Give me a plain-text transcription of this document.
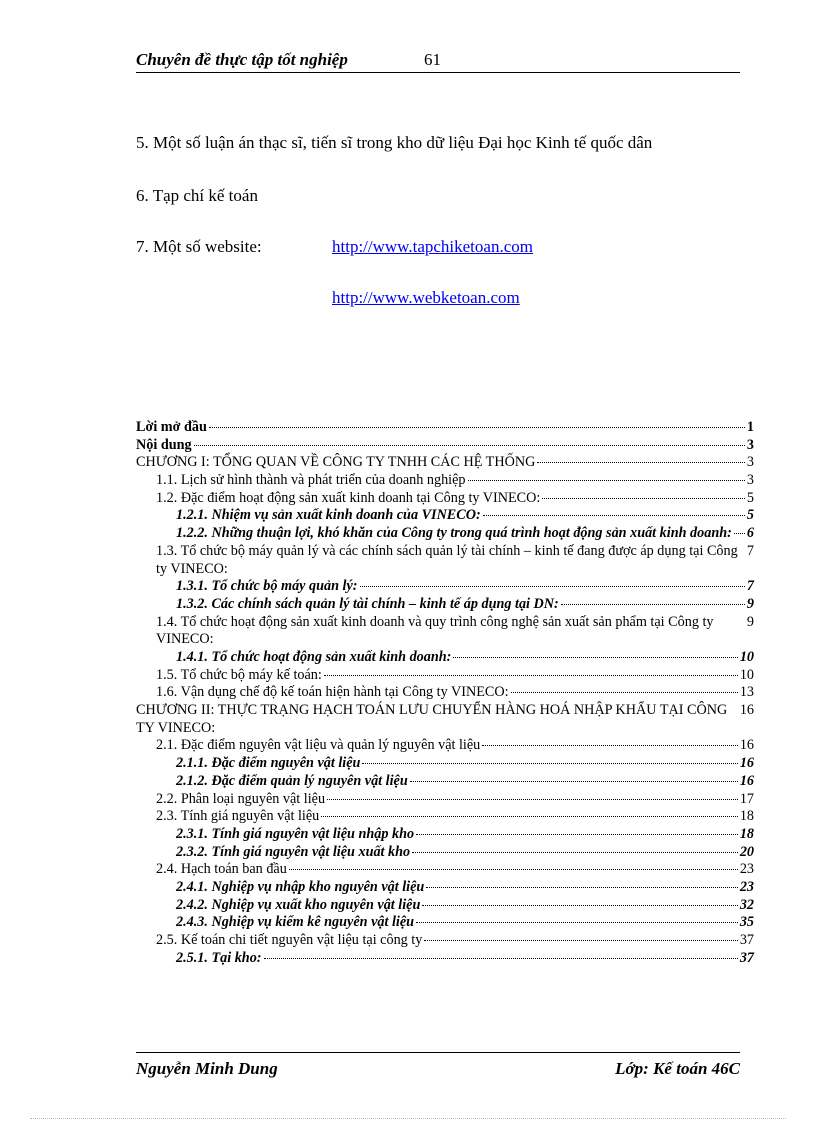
Chuyên đề thực tập tốt nghiệp	61
5. Một số luận án thạc sĩ, tiến sĩ trong kho dữ liệu Đại học Kinh tế quốc dân
6. Tạp chí kế toán
7. Một số website:	http://www.tapchiketoan.com
http://www.webketoan.com
Lời mở đầu	1
Nội dung	3
CHƯƠNG I: TỔNG QUAN VỀ CÔNG TY TNHH CÁC HỆ THỐNG	3
1.1. Lịch sử hình thành và phát triển của doanh nghiệp	3
1.2. Đặc điểm hoạt động sản xuất kinh doanh tại Công ty VINECO:	5
1.2.1. Nhiệm vụ sản xuất kinh doanh của VINECO:	5
1.2.2. Những thuận lợi, khó khăn của Công ty trong quá trình hoạt động sản xuất kinh doanh: 6
1.3. Tổ chức bộ máy quản lý và các chính sách quản lý tài chính – kinh tế đang được áp dụng tại Công ty VINECO:
7
1.3.1. Tổ chức bộ máy quản lý:	7
1.3.2. Các chính sách quản lý tài chính – kinh tế áp dụng tại DN:	9
1.4. Tổ chức hoạt động sản xuất kinh doanh và quy trình công nghệ sản xuất sản phẩm tại Công ty VINECO:
9
1.4.1. Tổ chức hoạt động sản xuất kinh doanh:	10
1.5. Tổ chức bộ máy kế toán:	10
1.6. Vận dụng chế độ kế toán hiện hành tại Công ty VINECO:	13
CHƯƠNG II: THỰC TRẠNG HẠCH TOÁN LƯU CHUYỂN HÀNG HOÁ NHẬP KHẨU TẠI CÔNG TY VINECO:
16
2.1. Đặc điểm nguyên vật liệu và quản lý nguyên vật liệu	16
2.1.1. Đặc điểm nguyên vật liệu	16
2.1.2. Đặc điểm quản lý nguyên vật liệu	16
2.2. Phân loại nguyên vật liệu	17
2.3. Tính giá nguyên vật liệu	18
2.3.1. Tính giá nguyên vật liệu nhập kho	18
2.3.2. Tính giá nguyên vật liệu xuất kho	20
2.4. Hạch toán ban đầu	23
2.4.1. Nghiệp vụ nhập kho nguyên vật liệu	23
2.4.2. Nghiệp vụ xuất kho nguyên vật liệu	32
2.4.3. Nghiệp vụ kiểm kê nguyên vật liệu	35
2.5. Kế toán chi tiết nguyên vật liệu tại công ty	37
2.5.1. Tại kho:	37
Nguyễn Minh Dung	Lớp: Kế toán 46C
